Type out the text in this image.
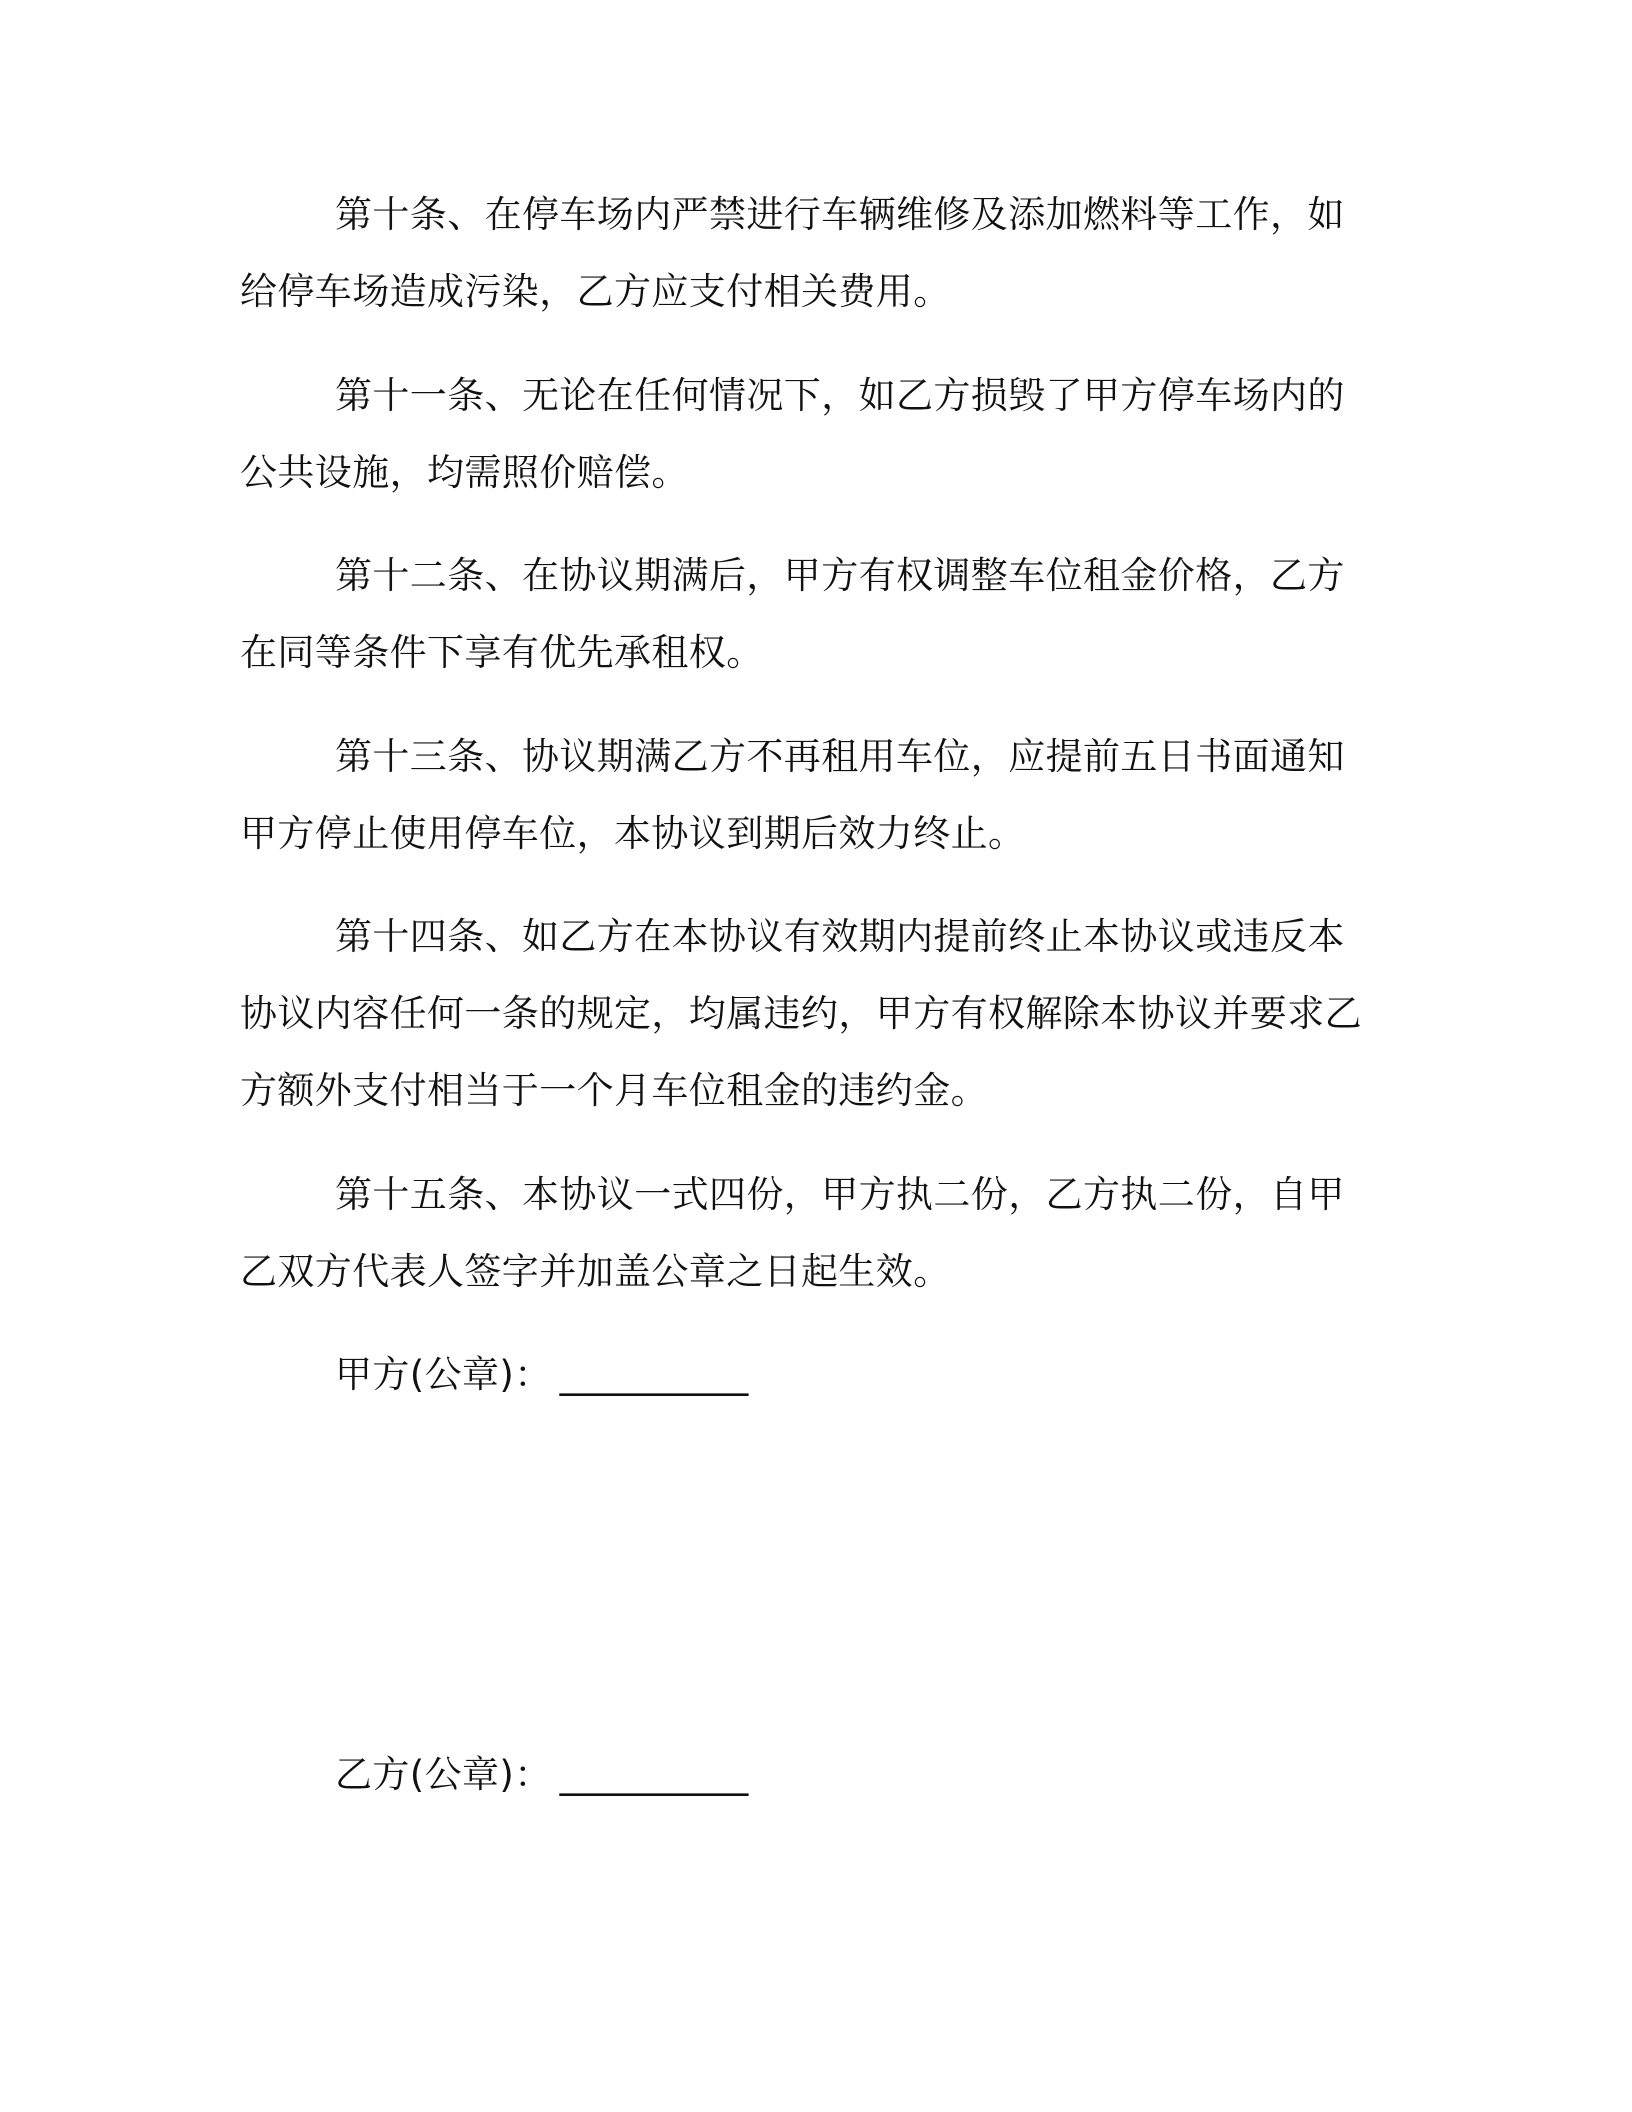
第十条、在停车场内严禁进行车辆维修及添加燃料等工作，如给停车场造成污染，乙方应支付相关费用。

第十一条、无论在任何情况下，如乙方损毁了甲方停车场内的公共设施，均需照价赔偿。

第十二条、在协议期满后，甲方有权调整车位租金价格，乙方在同等条件下享有优先承租权。

第十三条、协议期满乙方不再租用车位，应提前五日书面通知甲方停止使用停车位，本协议到期后效力终止。

第十四条、如乙方在本协议有效期内提前终止本协议或违反本协议内容任何一条的规定，均属违约，甲方有权解除本协议并要求乙方额外支付相当于一个月车位租金的违约金。

第十五条、本协议一式四份，甲方执二份，乙方执二份，自甲乙双方代表人签字并加盖公章之日起生效。

甲方(公章)： __________
乙方(公章)： __________
